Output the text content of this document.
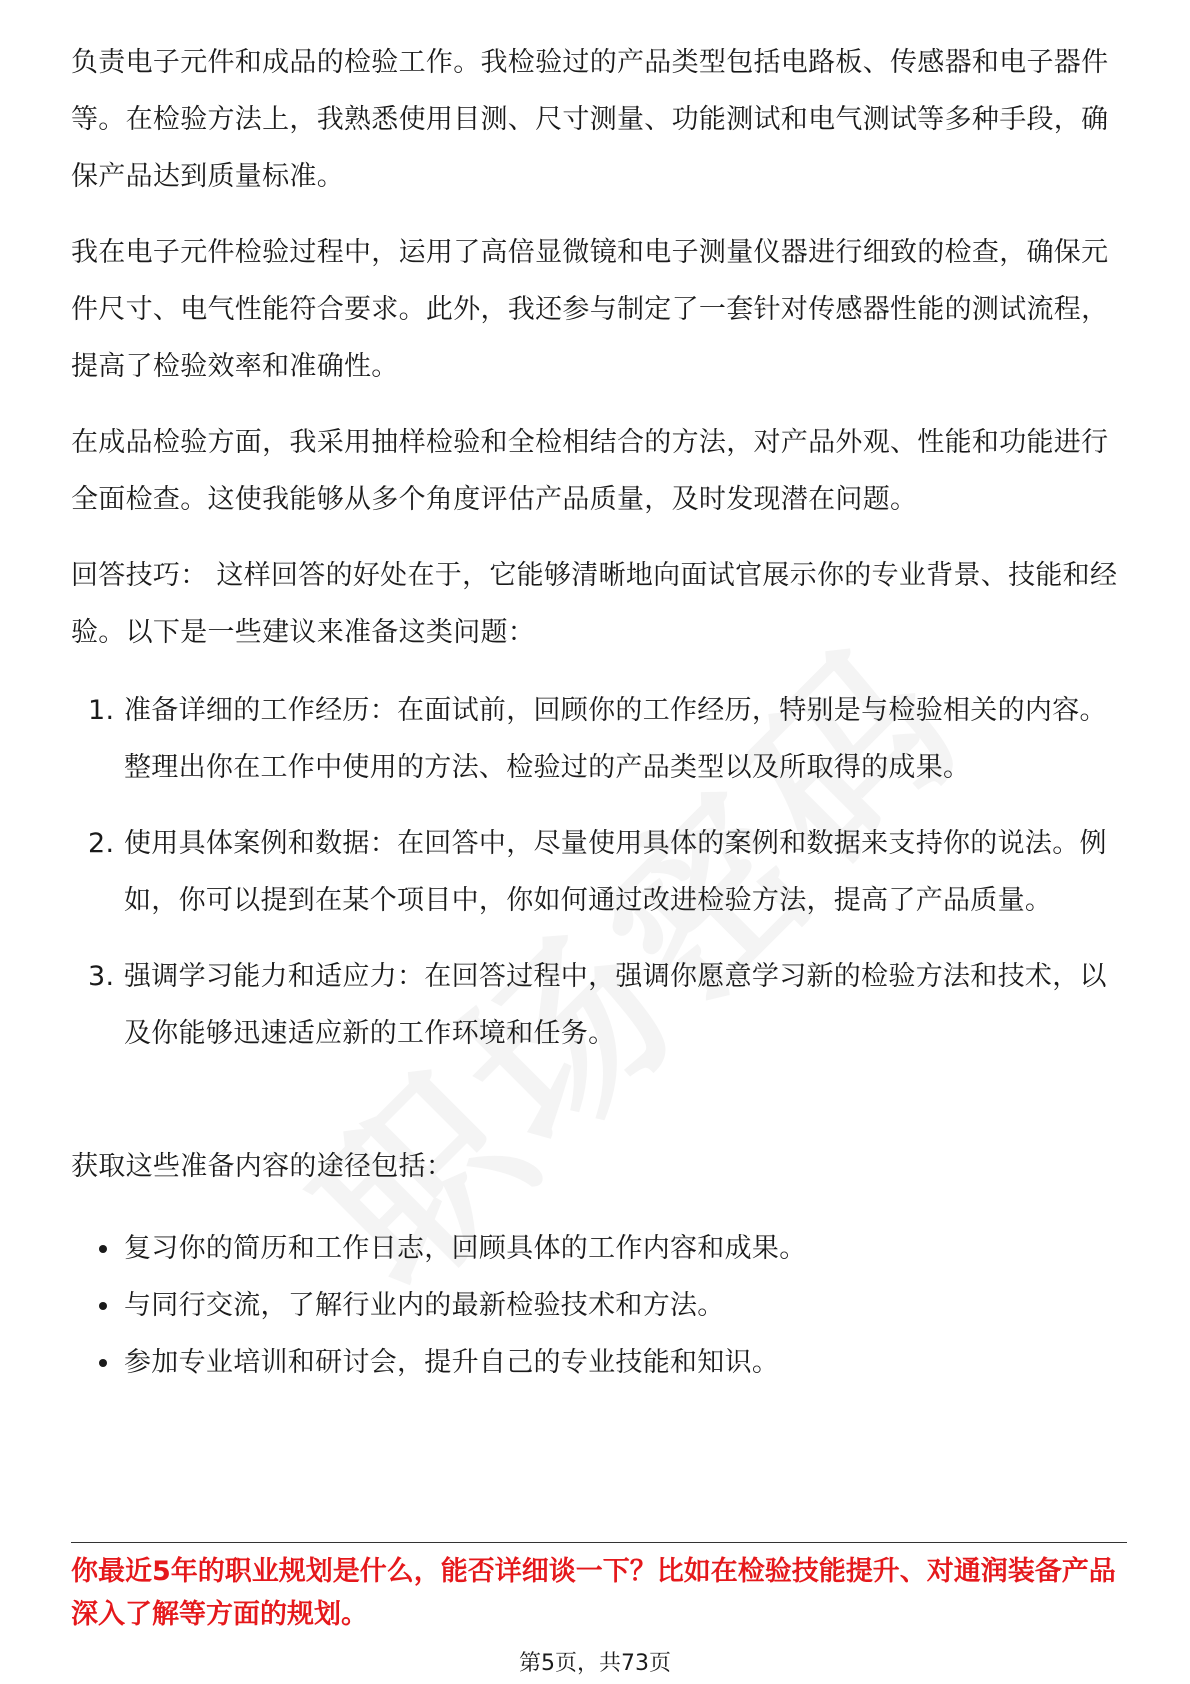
负责电子元件和成品的检验工作。我检验过的产品类型包括电路板、传感器和电子器件等。在检验方法上，我熟悉使用目测、尺寸测量、功能测试和电气测试等多种手段，确保产品达到质量标准。

我在电子元件检验过程中，运用了高倍显微镜和电子测量仪器进行细致的检查，确保元件尺寸、电气性能符合要求。此外，我还参与制定了一套针对传感器性能的测试流程，提高了检验效率和准确性。

在成品检验方面，我采用抽样检验和全检相结合的方法，对产品外观、性能和功能进行全面检查。这使我能够从多个角度评估产品质量，及时发现潜在问题。

回答技巧： 这样回答的好处在于，它能够清晰地向面试官展示你的专业背景、技能和经验。以下是一些建议来准备这类问题：

1. 准备详细的工作经历：在面试前，回顾你的工作经历，特别是与检验相关的内容。整理出你在工作中使用的方法、检验过的产品类型以及所取得的成果。
2. 使用具体案例和数据：在回答中，尽量使用具体的案例和数据来支持你的说法。例如，你可以提到在某个项目中，你如何通过改进检验方法，提高了产品质量。
3. 强调学习能力和适应力：在回答过程中，强调你愿意学习新的检验方法和技术，以及你能够迅速适应新的工作环境和任务。

获取这些准备内容的途径包括：

复习你的简历和工作日志，回顾具体的工作内容和成果。
与同行交流，了解行业内的最新检验技术和方法。
参加专业培训和研讨会，提升自己的专业技能和知识。

你最近5年的职业规划是什么，能否详细谈一下？比如在检验技能提升、对通润装备产品深入了解等方面的规划。

第5页，共73页
